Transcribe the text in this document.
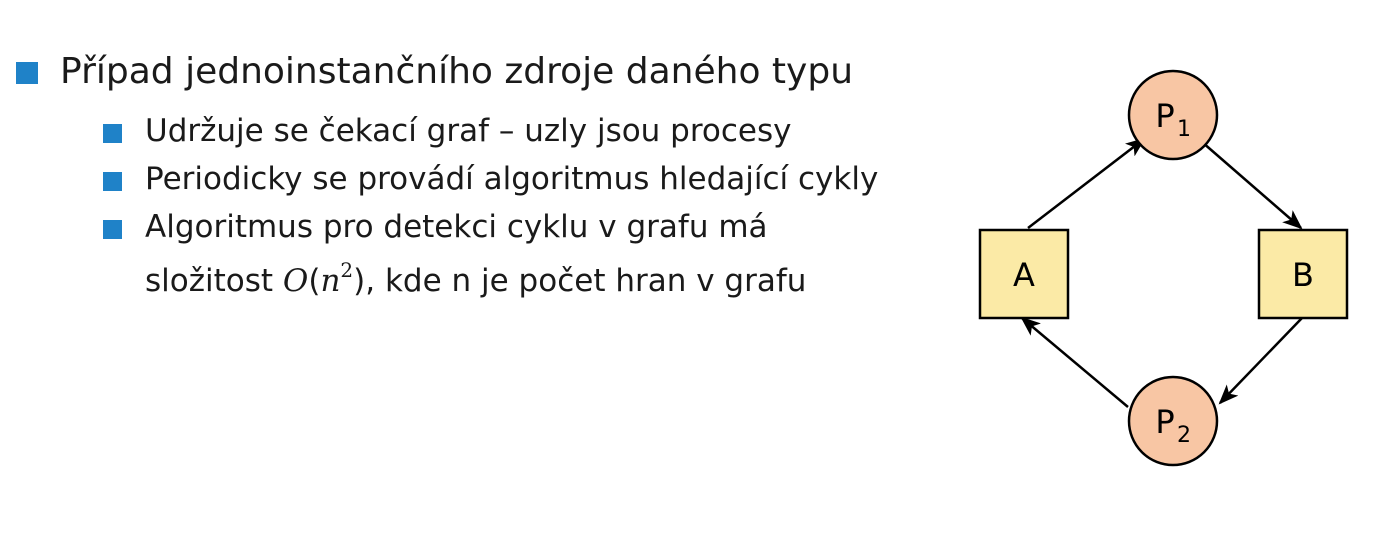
Případ jednoinstančního zdroje daného typu
Udržuje se čekací graf – uzly jsou procesy
Periodicky se provádí algoritmus hledající cykly
Algoritmus pro detekci cyklu v grafu má složitost $O(n^2)$, kde n je počet hran v grafu
P 1
P 2
A	B
